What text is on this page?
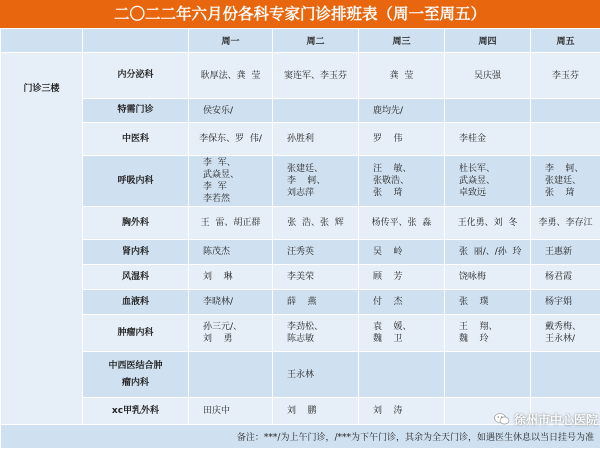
二〇二二年六月份各科专家门诊排班表（周一至周五）
		周一	周二	周三	周四	周五
门诊三楼	内分泌科	耿厚法、龚  莹	窦连军、李玉芬	龚  莹	吴庆强	李玉芬
	特需门诊	侯安乐/		鹿均先/		
	中医科	李保东、罗  伟/	孙胜利	罗    伟	李桂金	
	呼吸内科	李  军、
武焱昱、
李  军
李若然	张建廷、
李    轲、
刘志萍	汪    敏、
张敬浩、
张    琦	杜长军、
武焱昱、
卓致远	李    轲、
张建廷、
张    琦
	胸外科	王  雷、胡正群	张  浩、张  辉	杨传平、张  淼	王化勇、刘  冬	李勇、李存江
	肾内科	陈茂杰	汪秀英	吴    岭	张  丽/、/孙  玲	王惠新
	风湿科	刘    琳	李美荣	顾    芳	饶咏梅	杨君霞
	血液科	李晓林/	薛    燕	付    杰	张    璞	杨宇娟
	肿瘤内科	孙三元/、
刘    勇	李劲松、
陈志敏	袁    媛、
魏    卫	王    翔、
魏    玲	戴秀梅、
王永林/
	中西医结合肿
瘤内科		王永林			
	xc甲乳外科	田庆中	刘    鹏	刘    涛		
备注：***/为上午门诊，/***为下午门诊，其余为全天门诊，如遇医生休息以当日挂号为准						
徐州市中心医院
